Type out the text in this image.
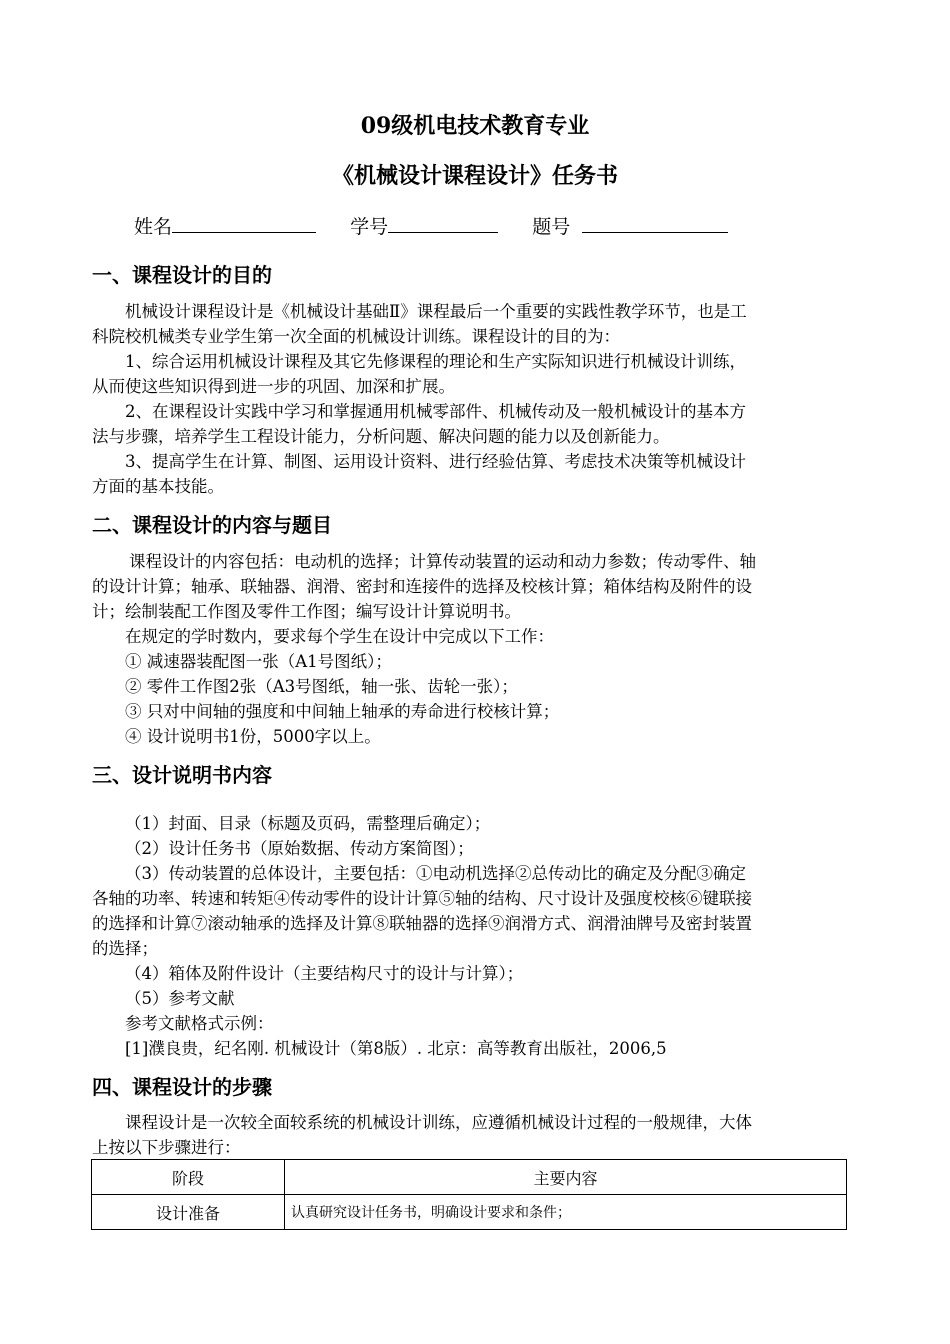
09级机电技术教育专业
《机械设计课程设计》任务书
姓名	学号	题号
一、课程设计的目的
机械设计课程设计是《机械设计基础Ⅱ》课程最后一个重要的实践性教学环节，也是工
科院校机械类专业学生第一次全面的机械设计训练。课程设计的目的为：
1、综合运用机械设计课程及其它先修课程的理论和生产实际知识进行机械设计训练，
从而使这些知识得到进一步的巩固、加深和扩展。
2、在课程设计实践中学习和掌握通用机械零部件、机械传动及一般机械设计的基本方
法与步骤，培养学生工程设计能力，分析问题、解决问题的能力以及创新能力。
3、提高学生在计算、制图、运用设计资料、进行经验估算、考虑技术决策等机械设计
方面的基本技能。
二、课程设计的内容与题目
课程设计的内容包括：电动机的选择；计算传动装置的运动和动力参数；传动零件、轴
的设计计算；轴承、联轴器、润滑、密封和连接件的选择及校核计算；箱体结构及附件的设
计；绘制装配工作图及零件工作图；编写设计计算说明书。
在规定的学时数内，要求每个学生在设计中完成以下工作：
① 减速器装配图一张（A1号图纸）；
② 零件工作图2张（A3号图纸，轴一张、齿轮一张）；
③ 只对中间轴的强度和中间轴上轴承的寿命进行校核计算；
④ 设计说明书1份，5000字以上。
三、设计说明书内容
（1）封面、目录（标题及页码，需整理后确定）；
（2）设计任务书（原始数据、传动方案简图）；
（3）传动装置的总体设计，主要包括：①电动机选择②总传动比的确定及分配③确定
各轴的功率、转速和转矩④传动零件的设计计算⑤轴的结构、尺寸设计及强度校核⑥键联接
的选择和计算⑦滚动轴承的选择及计算⑧联轴器的选择⑨润滑方式、润滑油牌号及密封装置
的选择；
（4）箱体及附件设计（主要结构尺寸的设计与计算）；
（5）参考文献
参考文献格式示例：
[1]濮良贵，纪名刚. 机械设计（第8版）. 北京：高等教育出版社，2006,5
四、课程设计的步骤
课程设计是一次较全面较系统的机械设计训练，应遵循机械设计过程的一般规律，大体
上按以下步骤进行：
阶段	主要内容
设计准备	认真研究设计任务书，明确设计要求和条件；
